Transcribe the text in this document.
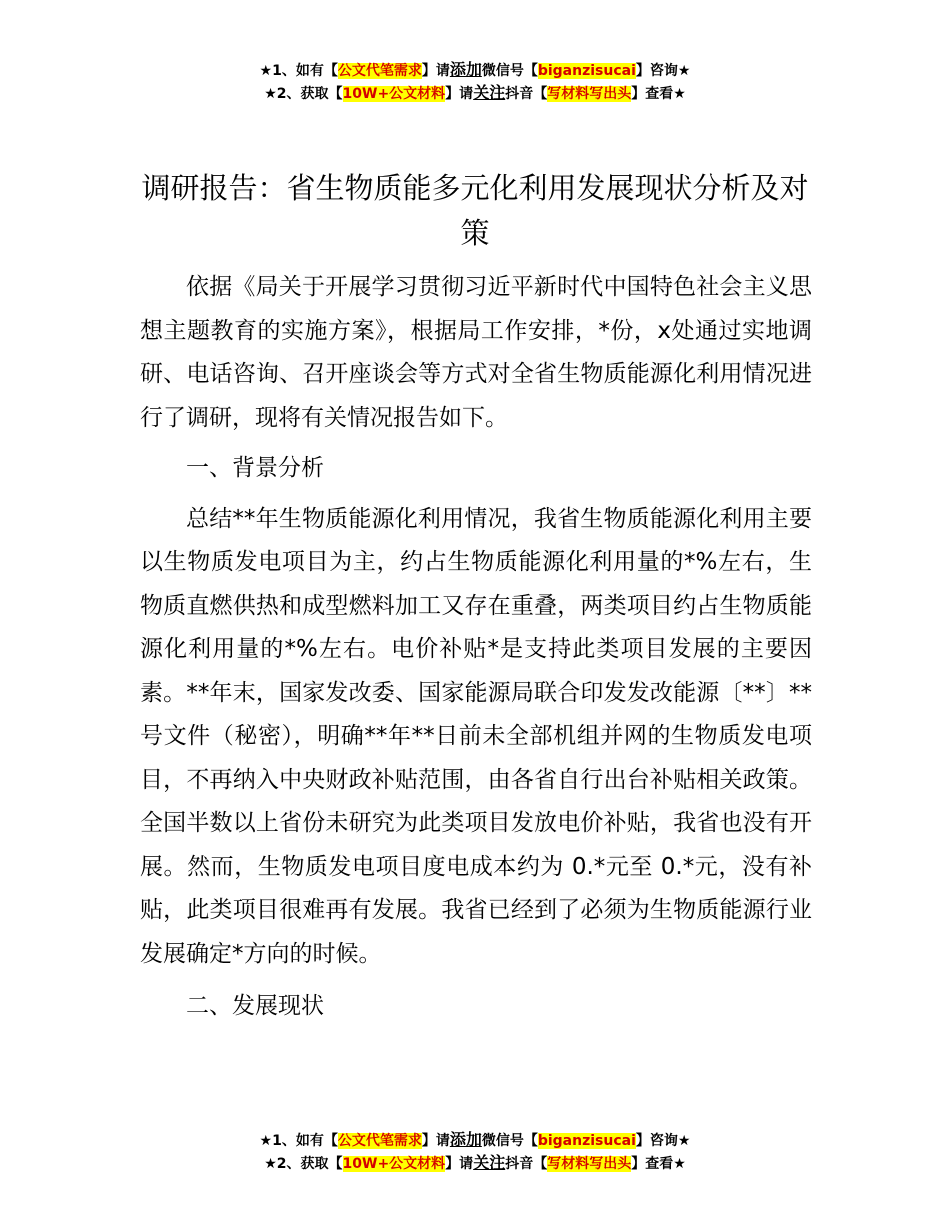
★1、如有【公文代笔需求】请添加微信号【biganzisucai】咨询★
★2、获取【10W+公文材料】请关注抖音【写材料写出头】查看★
调研报告：省生物质能多元化利用发展现状分析及对策

依据《局关于开展学习贯彻习近平新时代中国特色社会主义思想主题教育的实施方案》，根据局工作安排，*份，x处通过实地调研、电话咨询、召开座谈会等方式对全省生物质能源化利用情况进行了调研，现将有关情况报告如下。

一、背景分析

总结**年生物质能源化利用情况，我省生物质能源化利用主要以生物质发电项目为主，约占生物质能源化利用量的*%左右，生物质直燃供热和成型燃料加工又存在重叠，两类项目约占生物质能源化利用量的*%左右。电价补贴*是支持此类项目发展的主要因素。**年末，国家发改委、国家能源局联合印发发改能源〔**〕**号文件（秘密），明确**年**日前未全部机组并网的生物质发电项目，不再纳入中央财政补贴范围，由各省自行出台补贴相关政策。全国半数以上省份未研究为此类项目发放电价补贴，我省也没有开展。然而，生物质发电项目度电成本约为 0.*元至 0.*元，没有补贴，此类项目很难再有发展。我省已经到了必须为生物质能源行业发展确定*方向的时候。

二、发展现状

★1、如有【公文代笔需求】请添加微信号【biganzisucai】咨询★
★2、获取【10W+公文材料】请关注抖音【写材料写出头】查看★
